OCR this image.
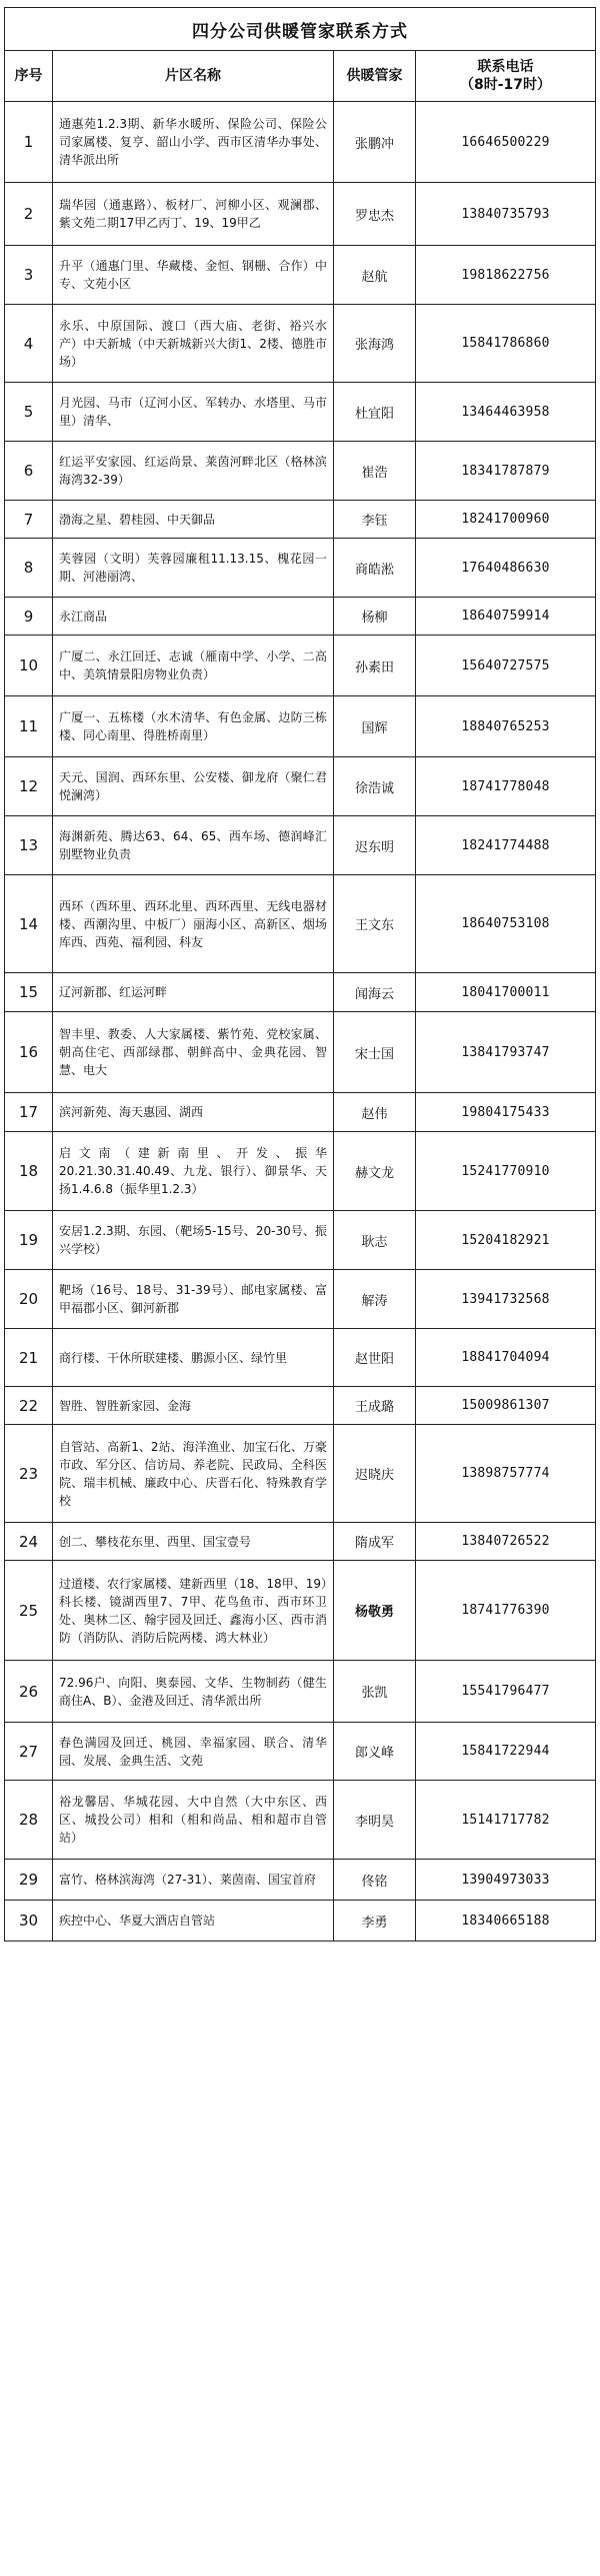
四分公司供暖管家联系方式			
序号	片区名称	供暖管家	联系电话
（8时-17时）

1	通惠苑1.2.3期、新华水暖所、保险公司、保险公司家属楼、复亨、韶山小学、西市区清华办事处、清华派出所	张鹏冲	16646500229
2	瑞华园（通惠路）、板材厂、河柳小区、观澜郡、紫文苑二期17甲乙丙丁、19、19甲乙	罗忠杰	13840735793
3	升平（通惠门里、华藏楼、金恒、钢栅、合作）中专、文苑小区	赵航	19818622756
4	永乐、中原国际、渡口（西大庙、老街、裕兴水产）中天新城（中天新城新兴大街1、2楼、德胜市场）	张海鸿	15841786860
5	月光园、马市（辽河小区、军转办、水塔里、马市里）清华、	杜宜阳	13464463958
6	红运平安家园、红运尚景、莱茵河畔北区（格林滨海湾32-39）	崔浩	18341787879
7	渤海之星、碧桂园、中天御品	李钰	18241700960
8	芙蓉园（文明）芙蓉园廉租11.13.15、槐花园一期、河港丽湾、	商皓淞	17640486630
9	永江商品	杨柳	18640759914
10	广厦二、永江回迁、志诚（雁南中学、小学、二高中、美筑情景阳房物业负责）	孙素田	15640727575
11	广厦一、五栋楼（水木清华、有色金属、边防三栋楼、同心南里、得胜桥南里）	国辉	18840765253
12	天元、国润、西环东里、公安楼、御龙府（聚仁君悦澜湾）	徐浩诚	18741778048
13	海渊新苑、腾达63、64、65、西车场、德润峰汇别墅物业负责	迟东明	18241774488
14	西环（西环里、西环北里、西环西里、无线电器材楼、西潮沟里、中板厂）丽海小区、高新区、烟场库西、西苑、福利园、科友	王文东	18640753108
15	辽河新郡、红运河畔	闻海云	18041700011
16	智丰里、教委、人大家属楼、紫竹苑、党校家属、朝高住宅、西部绿郡、朝鲜高中、金典花园、智慧、电大	宋士国	13841793747
17	滨河新苑、海天惠园、湖西	赵伟	19804175433
18	启文南（建新南里、开发、振华20.21.30.31.40.49、九龙、银行）、御景华、天扬1.4.6.8（振华里1.2.3）	赫文龙	15241770910
19	安居1.2.3期、东园、（靶场5-15号、20-30号、振兴学校）	耿志	15204182921
20	靶场（16号、18号、31-39号）、邮电家属楼、富甲福郡小区、御河新郡	解涛	13941732568
21	商行楼、干休所联建楼、鹏源小区、绿竹里	赵世阳	18841704094
22	智胜、智胜新家园、金海	王成璐	15009861307
23	自管站、高新1、2站、海洋渔业、加宝石化、万豪市政、军分区、信访局、养老院、民政局、全科医院、瑞丰机械、廉政中心、庆晋石化、特殊教育学校	迟晓庆	13898757774
24	创二、攀枝花东里、西里、国宝壹号	隋成军	13840726522
25	过道楼、农行家属楼、建新西里（18、18甲、19）科长楼、镜湖西里7、7甲、花鸟鱼市、西市环卫处、奥林二区、翰宇园及回迁、鑫海小区、西市消防（消防队、消防后院两楼、鸿大林业）	杨敬勇	18741776390
26	72.96户、向阳、奥泰园、文华、生物制药（健生商住A、B）、金港及回迁、清华派出所	张凯	15541796477
27	春色满园及回迁、桃园、幸福家园、联合、清华园、发展、金典生活、文苑	郎义峰	15841722944
28	裕龙馨居、华城花园、大中自然（大中东区、西区、城投公司）相和（相和尚品、相和超市自管站）	李明昊	15141717782
29	富竹、格林滨海湾（27-31）、莱茵南、国宝首府	佟铭	13904973033
30	疾控中心、华夏大酒店自管站	李勇	18340665188
